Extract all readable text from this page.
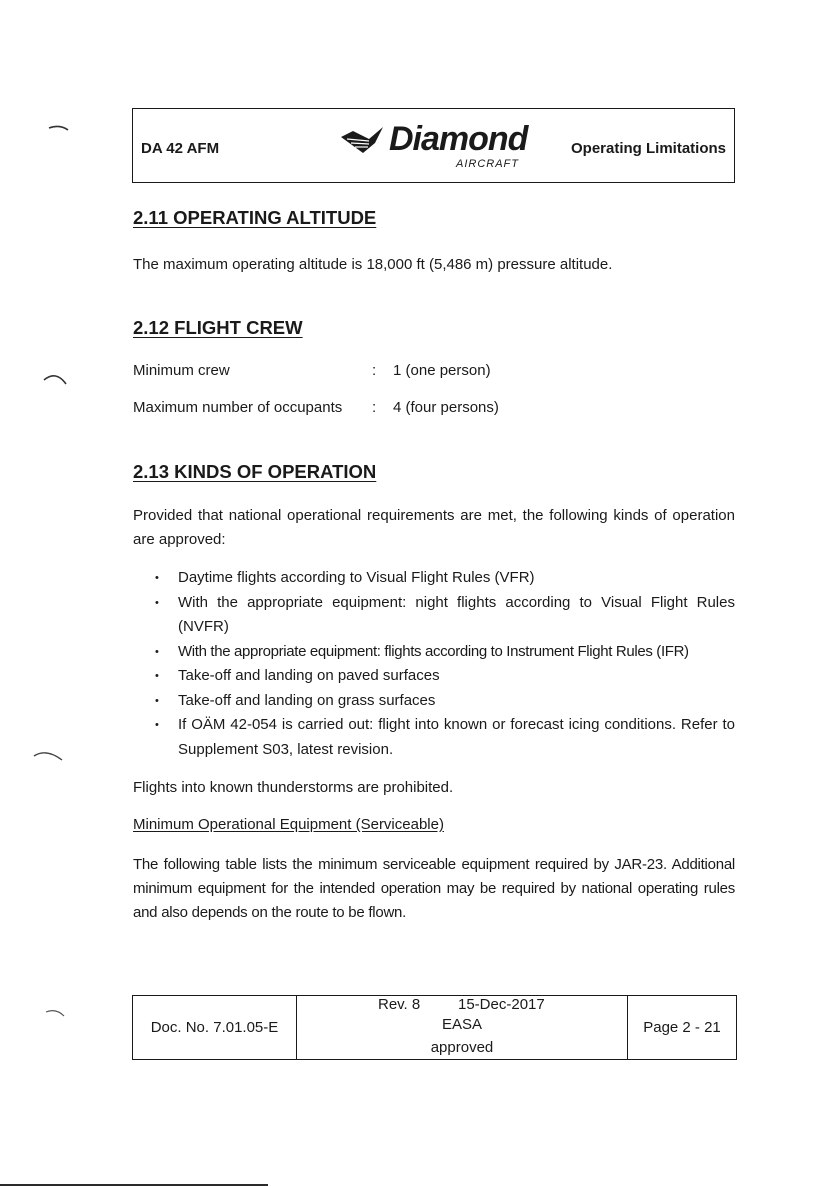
DA 42 AFM	Diamond
AIRCRAFT
Operating Limitations
2.11 OPERATING ALTITUDE
The maximum operating altitude is 18,000 ft (5,486 m) pressure altitude.
2.12 FLIGHT CREW
Minimum crew	: 1 (one person)
Maximum number of occupants : 4 (four persons)
2.13 KINDS OF OPERATION
Provided that national operational requirements are met, the following kinds of operation are approved:
• Daytime flights according to Visual Flight Rules (VFR)
• With the appropriate equipment: night flights according to Visual Flight Rules (NVFR)
• With the appropriate equipment: flights according to Instrument Flight Rules (IFR)
• Take-off and landing on paved surfaces
• Take-off and landing on grass surfaces
• If OÄM 42-054 is carried out: flight into known or forecast icing conditions. Refer to Supplement S03, latest revision.
Flights into known thunderstorms are prohibited.
Minimum Operational Equipment (Serviceable)
The following table lists the minimum serviceable equipment required by JAR-23. Additional minimum equipment for the intended operation may be required by national operating rules and also depends on the route to be flown.
Doc. No. 7.01.05-E	Rev. 8	15-Dec-2017EASA
approved	Page 2 - 21
